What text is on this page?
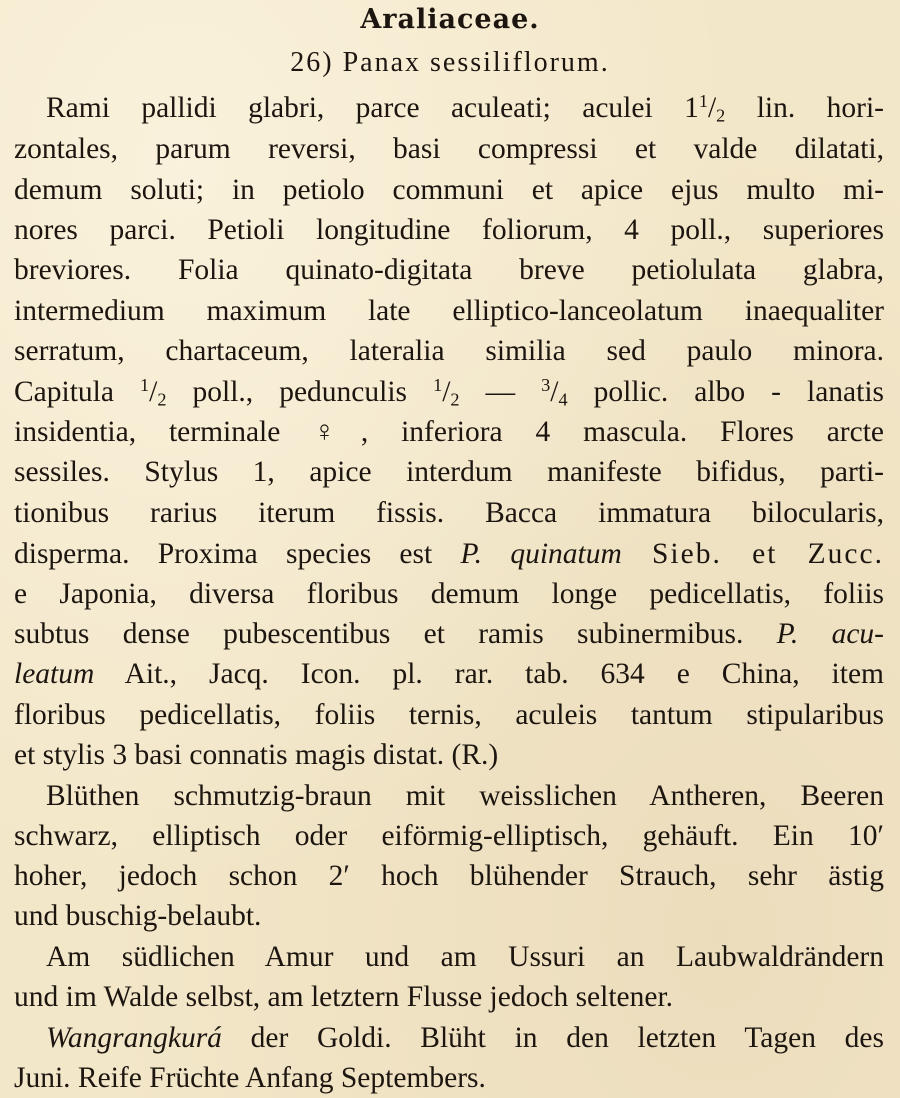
Araliaceae.
26) Panax sessiliflorum.
Rami pallidi glabri, parce aculeati; aculei $1^1/_2$ lin. hori-
zontales, parum reversi, basi compressi et valde dilatati,
demum soluti; in petiolo communi et apice ejus multo mi-
nores parci. Petioli longitudine foliorum, 4 poll., superiores
breviores. Folia quinato-digitata breve petiolulata glabra,
intermedium maximum late elliptico-lanceolatum inaequaliter
serratum, chartaceum, lateralia similia sed paulo minora.
Capitula $^1/_2$ poll., pedunculis $^1/_2$ — $^3/_4$ pollic. albo - lanatis
insidentia, terminale ♀, inferiora 4 mascula. Flores arcte
sessiles. Stylus 1, apice interdum manifeste bifidus, parti-
tionibus rarius iterum fissis. Bacca immatura bilocularis,
disperma. Proxima species est P. quinatum Sieb. et Zucc.
e Japonia, diversa floribus demum longe pedicellatis, foliis
subtus dense pubescentibus et ramis subinermibus. P. acu-
leatum Ait., Jacq. Icon. pl. rar. tab. 634 e China, item
floribus pedicellatis, foliis ternis, aculeis tantum stipularibus
et stylis 3 basi connatis magis distat. (R.)
Blüthen schmutzig-braun mit weisslichen Antheren, Beeren
schwarz, elliptisch oder eiförmig-elliptisch, gehäuft. Ein 10′
hoher, jedoch schon 2′ hoch blühender Strauch, sehr ästig
und buschig-belaubt.
Am südlichen Amur und am Ussuri an Laubwaldrändern
und im Walde selbst, am letztern Flusse jedoch seltener.
Wangrangkurá der Goldi. Blüht in den letzten Tagen des
Juni. Reife Früchte Anfang Septembers.
